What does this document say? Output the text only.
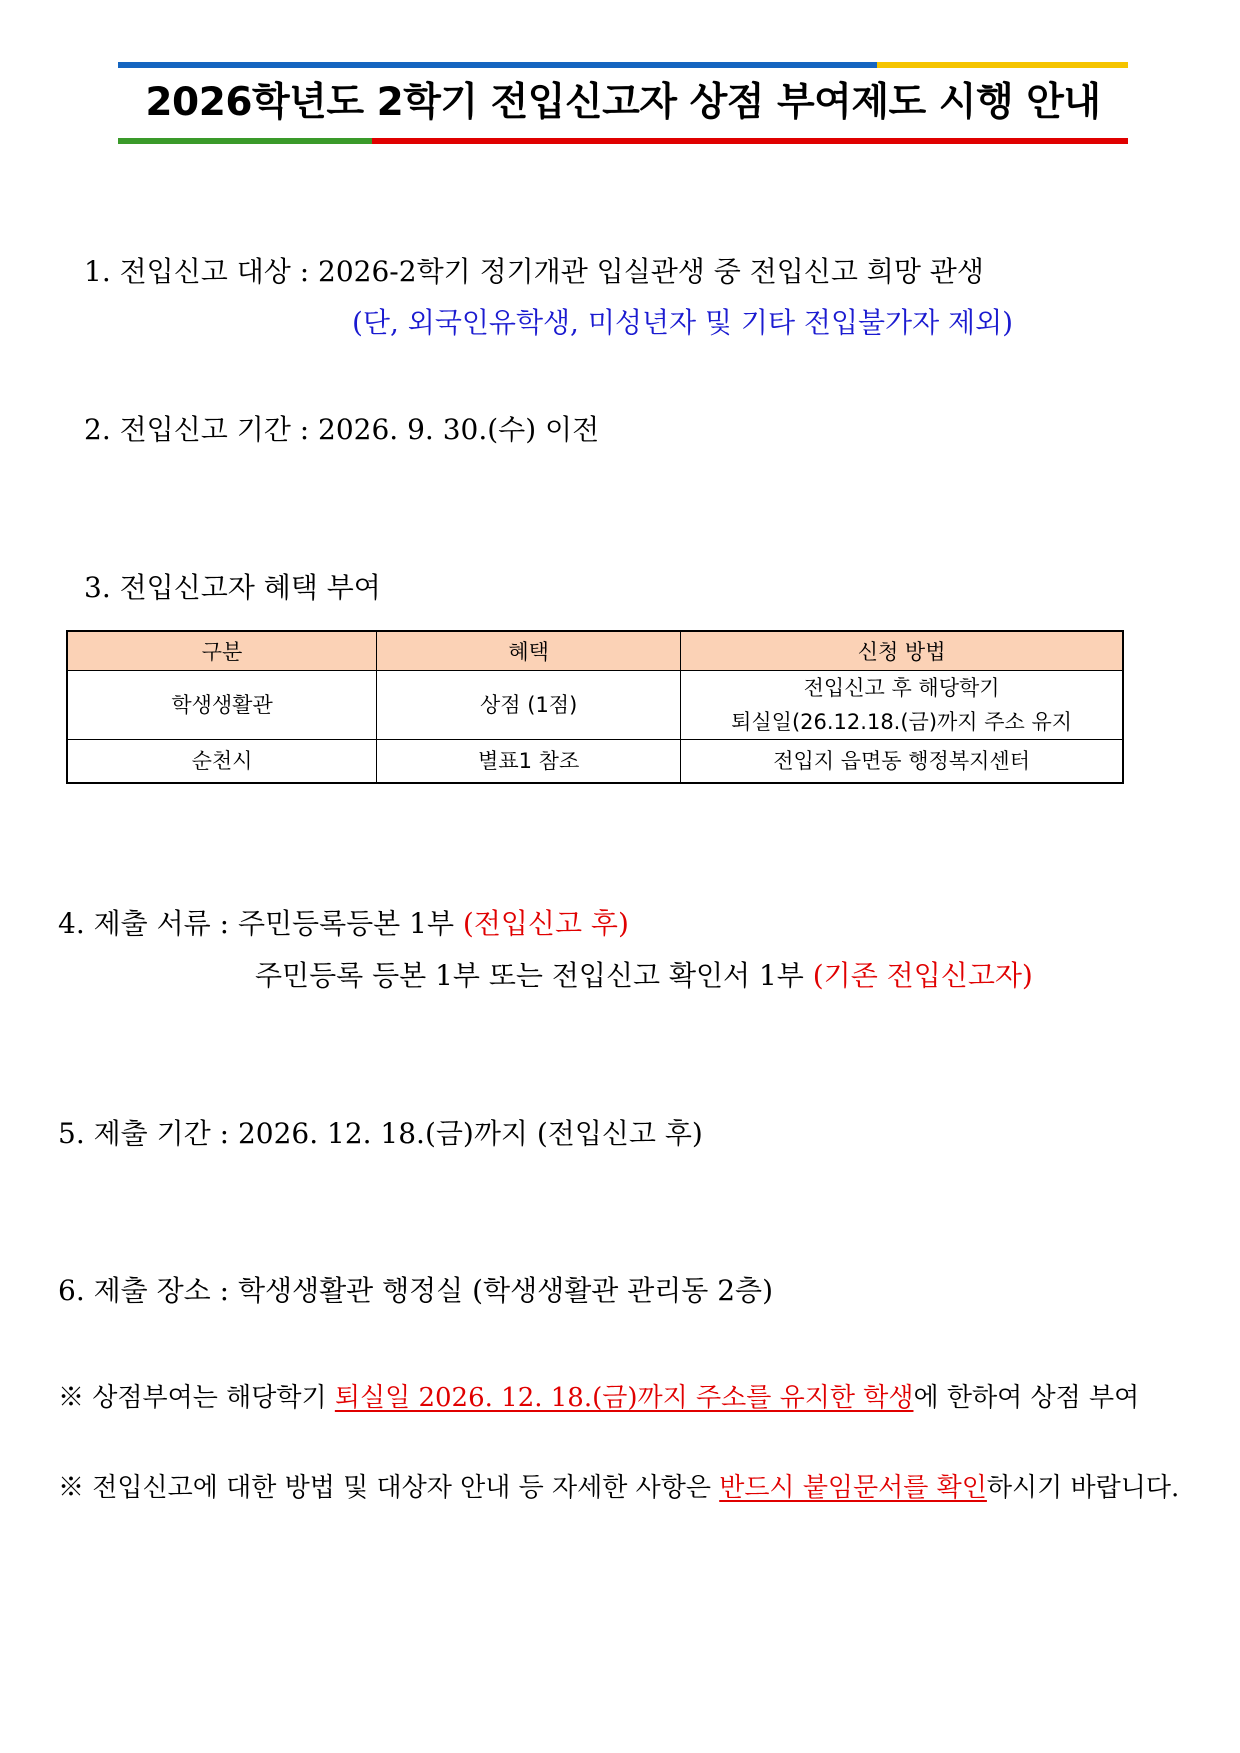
2026학년도 2학기 전입신고자 상점 부여제도 시행 안내
1. 전입신고 대상 : 2026-2학기 정기개관 입실관생 중 전입신고 희망 관생
(단, 외국인유학생, 미성년자 및 기타 전입불가자 제외)
2. 전입신고 기간 : 2026. 9. 30.(수) 이전
3. 전입신고자 혜택 부여
구분	혜택	신청 방법
학생생활관	상점 (1점)	전입신고 후 해당학기
퇴실일(26.12.18.(금)까지 주소 유지

순천시	별표1 참조	전입지 읍면동 행정복지센터
4. 제출 서류 : 주민등록등본 1부 (전입신고 후)
주민등록 등본 1부 또는 전입신고 확인서 1부 (기존 전입신고자)
5. 제출 기간 : 2026. 12. 18.(금)까지 (전입신고 후)
6. 제출 장소 : 학생생활관 행정실 (학생생활관 관리동 2층)
※ 상점부여는 해당학기 퇴실일 2026. 12. 18.(금)까지 주소를 유지한 학생에 한하여 상점 부여
※ 전입신고에 대한 방법 및 대상자 안내 등 자세한 사항은 반드시 붙임문서를 확인하시기 바랍니다.
